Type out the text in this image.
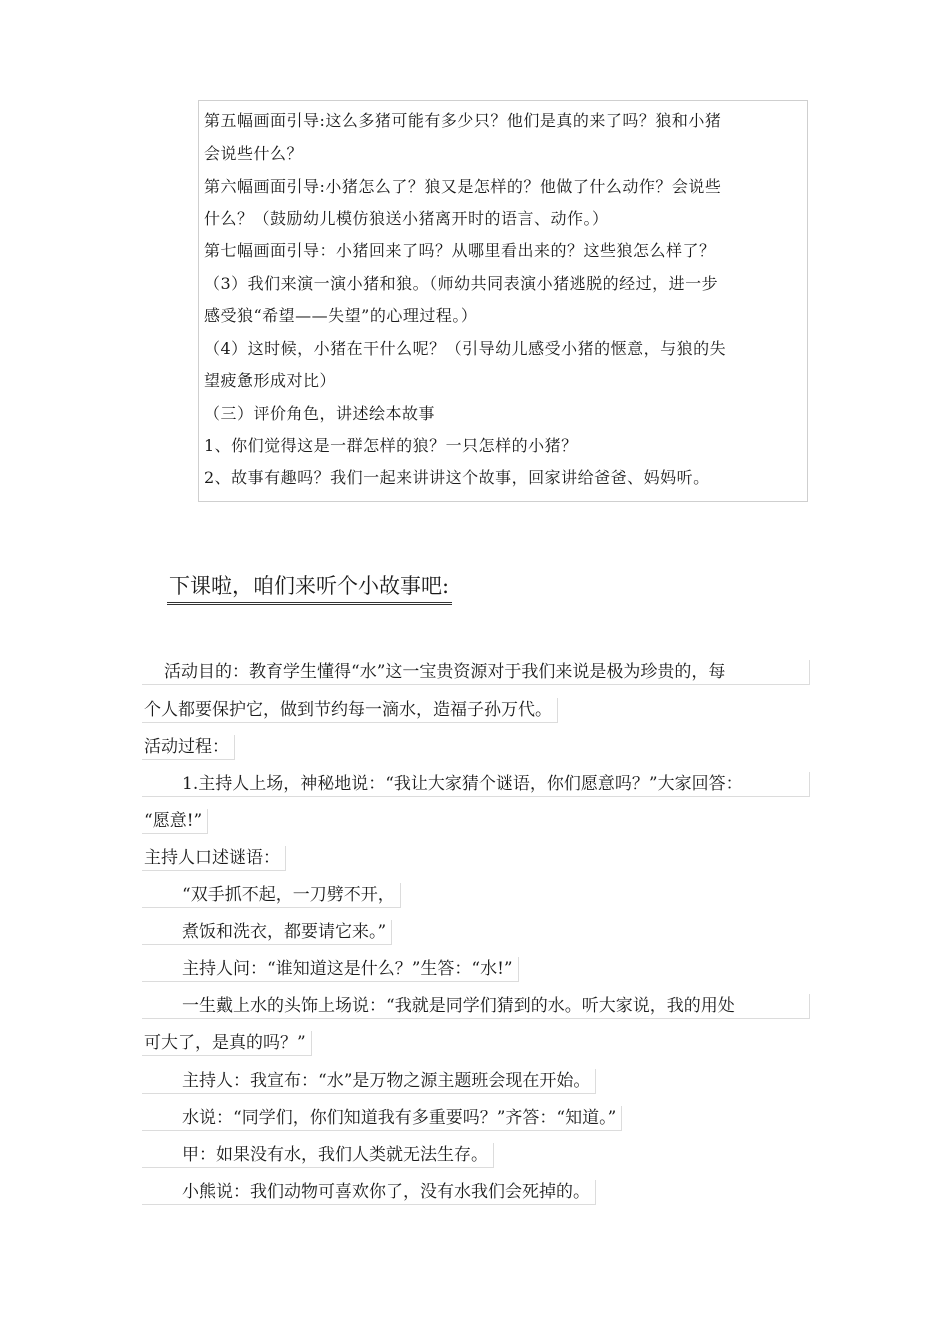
第五幅画面引导:这么多猪可能有多少只？他们是真的来了吗？狼和小猪
会说些什么？
第六幅画面引导:小猪怎么了？狼又是怎样的？他做了什么动作？会说些
什么？（鼓励幼儿模仿狼送小猪离开时的语言、动作。）
第七幅画面引导：小猪回来了吗？从哪里看出来的？这些狼怎么样了？
（3）我们来演一演小猪和狼。（师幼共同表演小猪逃脱的经过，进一步
感受狼“希望——失望”的心理过程。）
（4）这时候，小猪在干什么呢？（引导幼儿感受小猪的惬意，与狼的失
望疲惫形成对比）
（三）评价角色，讲述绘本故事
1、你们觉得这是一群怎样的狼？一只怎样的小猪？
2、故事有趣吗？我们一起来讲讲这个故事，回家讲给爸爸、妈妈听。
下课啦，咱们来听个小故事吧:
活动目的：教育学生懂得“水”这一宝贵资源对于我们来说是极为珍贵的，每
个人都要保护它，做到节约每一滴水，造福子孙万代。
活动过程：
1.主持人上场，神秘地说：“我让大家猜个谜语，你们愿意吗？”大家回答：
“愿意!”
主持人口述谜语：
“双手抓不起，一刀劈不开，
煮饭和洗衣，都要请它来。”
主持人问：“谁知道这是什么？”生答：“水!”
一生戴上水的头饰上场说：“我就是同学们猜到的水。听大家说，我的用处
可大了，是真的吗？”
主持人：我宣布：“水”是万物之源主题班会现在开始。
水说：“同学们，你们知道我有多重要吗？”齐答：“知道。”
甲：如果没有水，我们人类就无法生存。
小熊说：我们动物可喜欢你了，没有水我们会死掉的。
